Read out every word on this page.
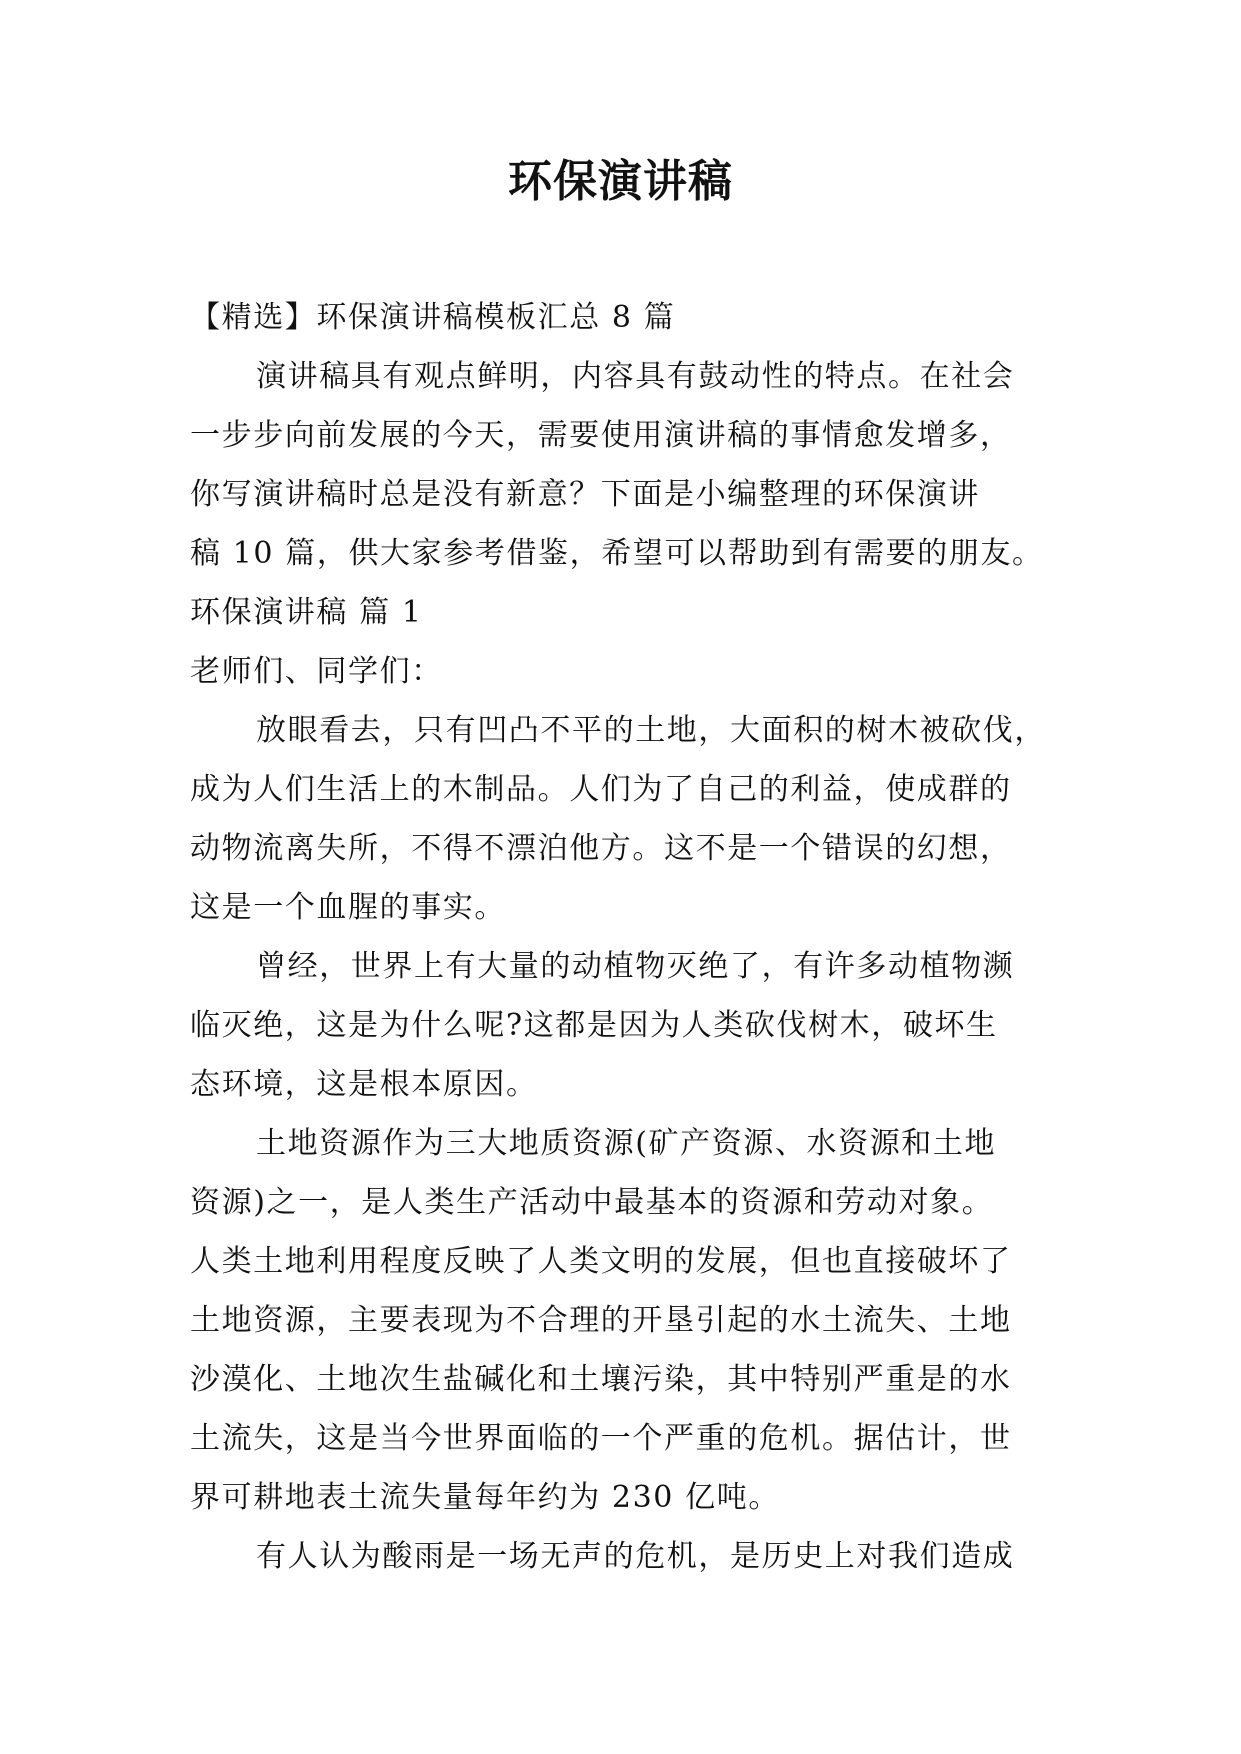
环保演讲稿
【精选】环保演讲稿模板汇总 8 篇
演讲稿具有观点鲜明，内容具有鼓动性的特点。在社会
一步步向前发展的今天，需要使用演讲稿的事情愈发增多，
你写演讲稿时总是没有新意？下面是小编整理的环保演讲
稿 10 篇，供大家参考借鉴，希望可以帮助到有需要的朋友。
环保演讲稿 篇 1
老师们、同学们：
放眼看去，只有凹凸不平的土地，大面积的树木被砍伐，
成为人们生活上的木制品。人们为了自己的利益，使成群的
动物流离失所，不得不漂泊他方。这不是一个错误的幻想，
这是一个血腥的事实。
曾经，世界上有大量的动植物灭绝了，有许多动植物濒
临灭绝，这是为什么呢?这都是因为人类砍伐树木，破坏生
态环境，这是根本原因。
土地资源作为三大地质资源(矿产资源、水资源和土地
资源)之一，是人类生产活动中最基本的资源和劳动对象。
人类土地利用程度反映了人类文明的发展，但也直接破坏了
土地资源，主要表现为不合理的开垦引起的水土流失、土地
沙漠化、土地次生盐碱化和土壤污染，其中特别严重是的水
土流失，这是当今世界面临的一个严重的危机。据估计，世
界可耕地表土流失量每年约为 230 亿吨。
有人认为酸雨是一场无声的危机，是历史上对我们造成
